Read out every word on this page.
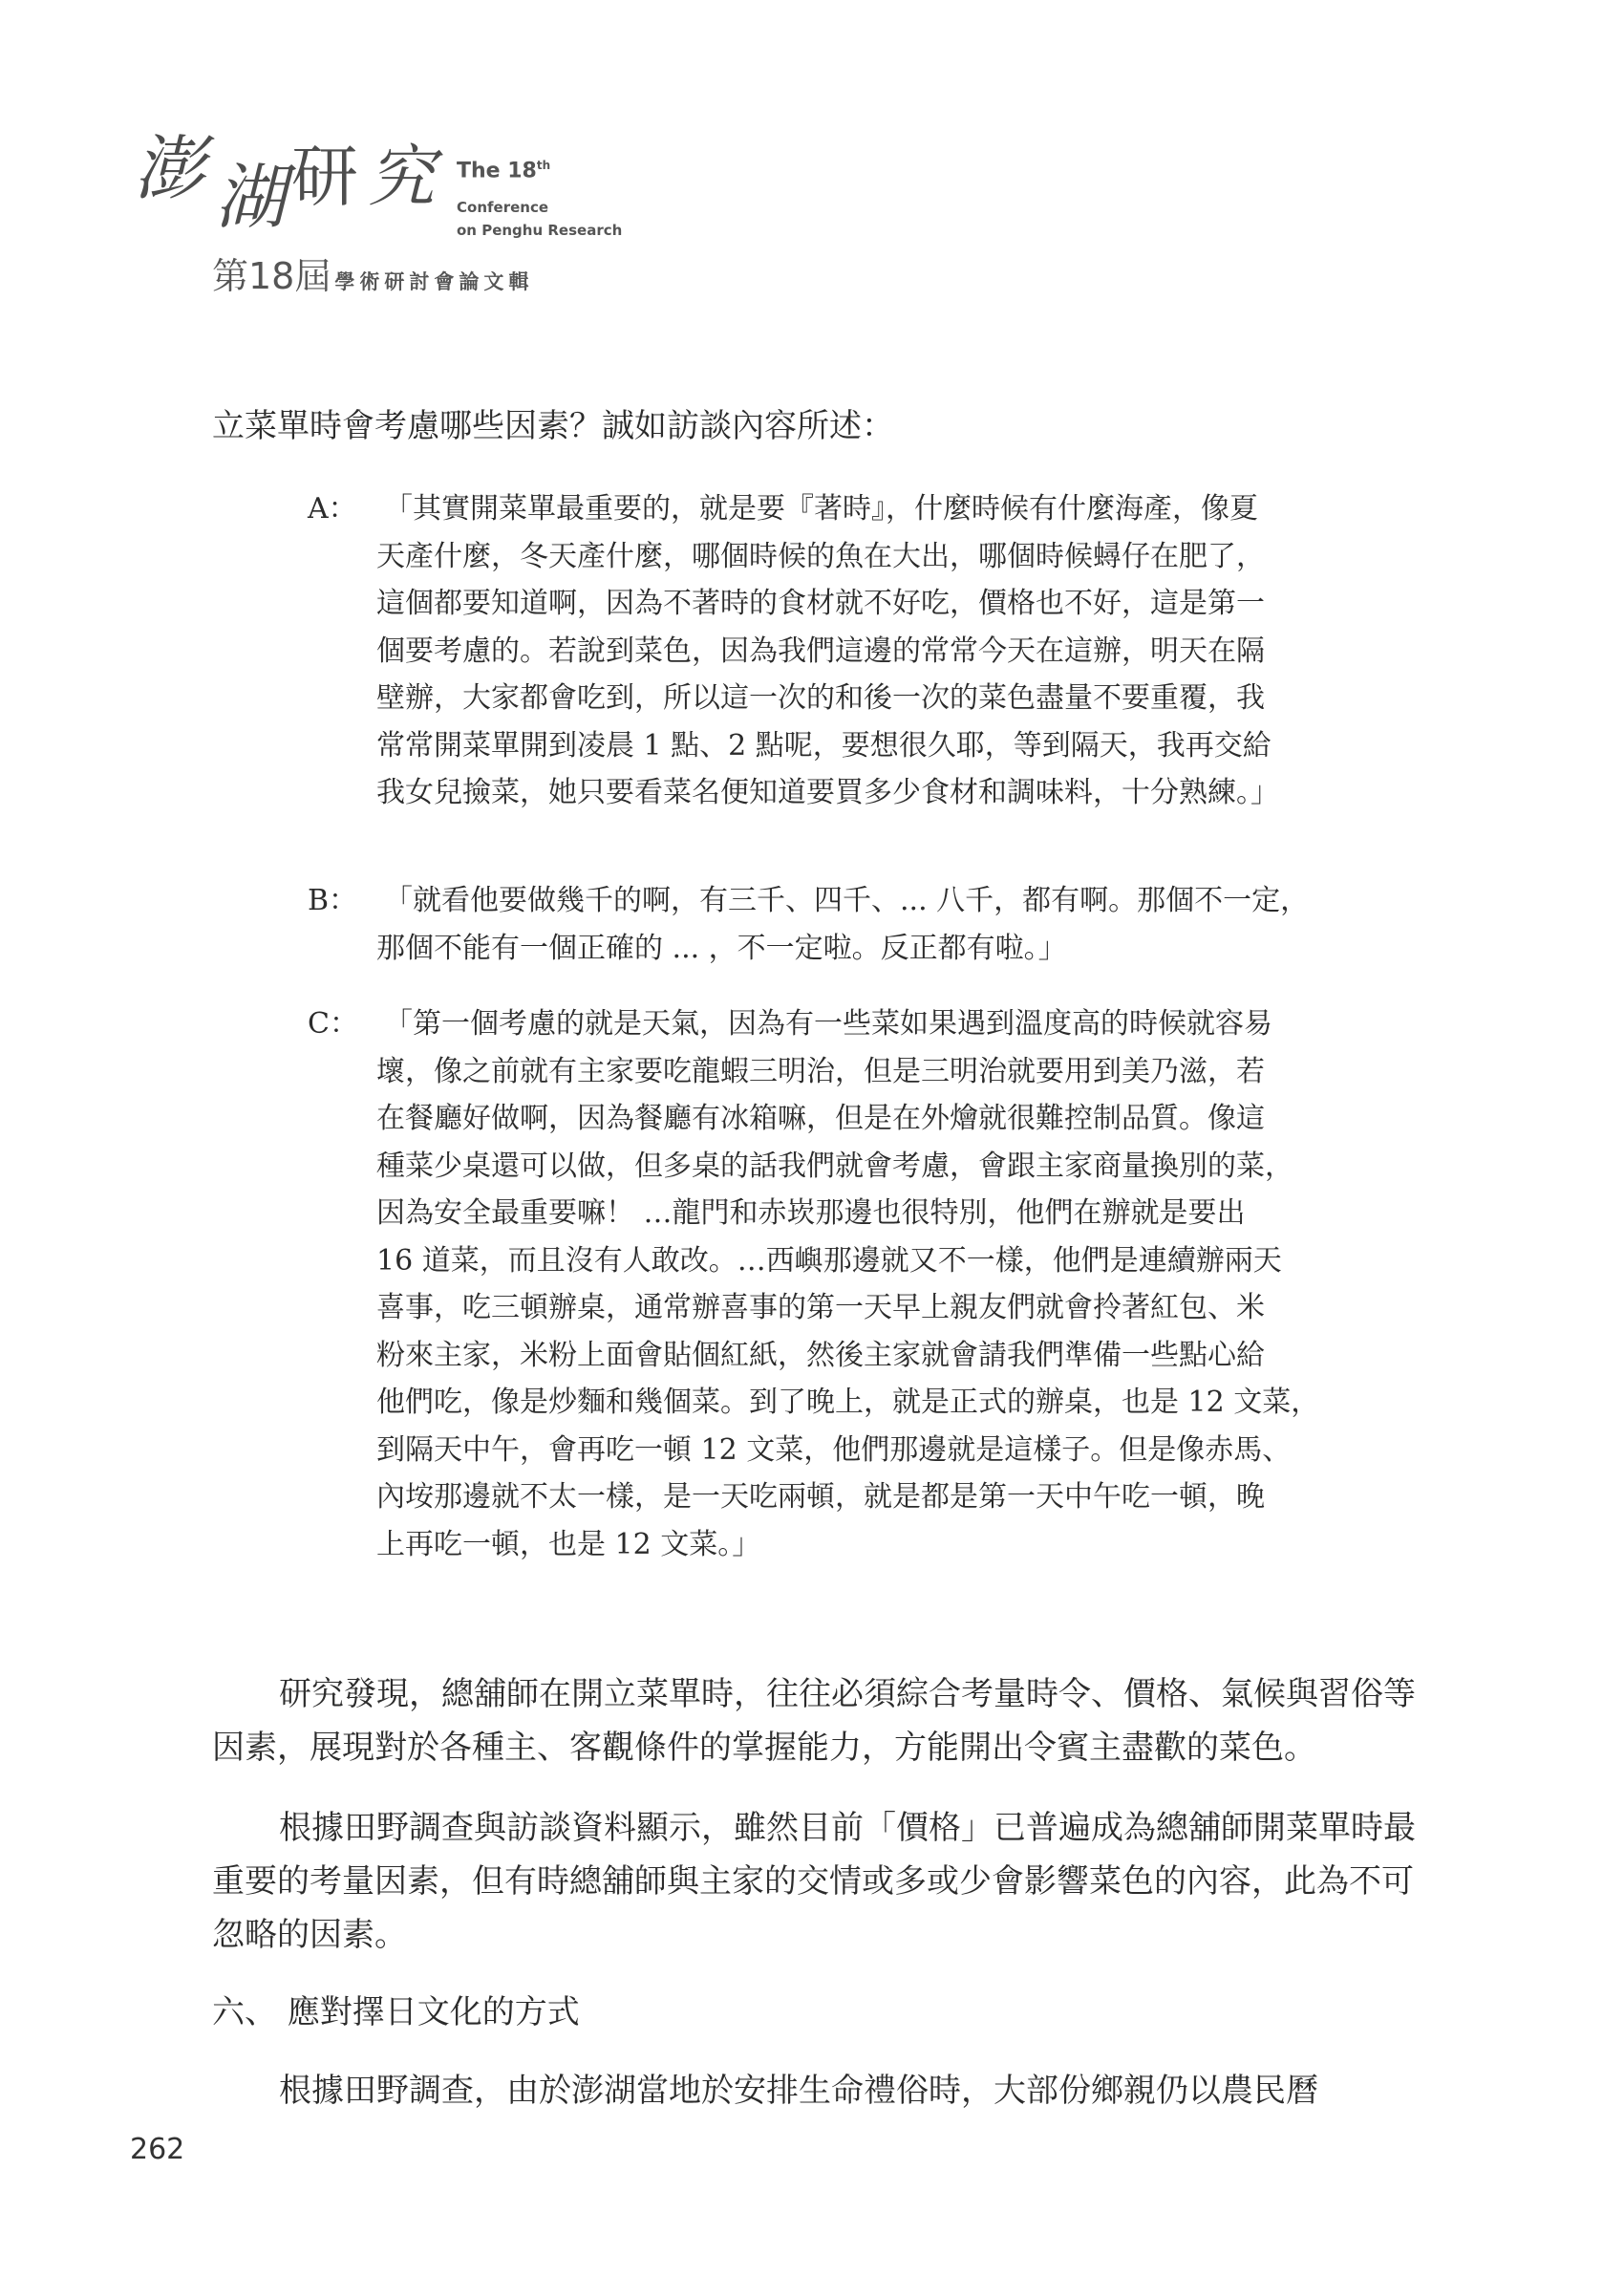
澎 湖 研 究 The 18th
Conference
on Penghu Research
第18屆 學術研討會論文輯
立菜單時會考慮哪些因素？誠如訪談內容所述：
A： 「其實開菜單最重要的，就是要『著時』，什麼時候有什麼海產，像夏
天產什麼，冬天產什麼，哪個時候的魚在大出，哪個時候蟳仔在肥了，
這個都要知道啊，因為不著時的食材就不好吃，價格也不好，這是第一
個要考慮的。若說到菜色，因為我們這邊的常常今天在這辦，明天在隔
壁辦，大家都會吃到，所以這一次的和後一次的菜色盡量不要重覆，我
常常開菜單開到凌晨 1 點、2 點呢，要想很久耶，等到隔天，我再交給
我女兒撿菜，她只要看菜名便知道要買多少食材和調味料，十分熟練。」
B： 「就看他要做幾千的啊，有三千、四千、... 八千，都有啊。那個不一定，
那個不能有一個正確的 ... ，不一定啦。反正都有啦。」
C： 「第一個考慮的就是天氣，因為有一些菜如果遇到溫度高的時候就容易
壞，像之前就有主家要吃龍蝦三明治，但是三明治就要用到美乃滋，若
在餐廳好做啊，因為餐廳有冰箱嘛，但是在外燴就很難控制品質。像這
種菜少桌還可以做，但多桌的話我們就會考慮，會跟主家商量換別的菜，
因為安全最重要嘛！ …龍門和赤崁那邊也很特別，他們在辦就是要出
16 道菜，而且沒有人敢改。…西嶼那邊就又不一樣，他們是連續辦兩天
喜事，吃三頓辦桌，通常辦喜事的第一天早上親友們就會拎著紅包、米
粉來主家，米粉上面會貼個紅紙，然後主家就會請我們準備一些點心給
他們吃，像是炒麵和幾個菜。到了晚上，就是正式的辦桌，也是 12 文菜，
到隔天中午，會再吃一頓 12 文菜，他們那邊就是這樣子。但是像赤馬、
內垵那邊就不太一樣，是一天吃兩頓，就是都是第一天中午吃一頓，晚
上再吃一頓，也是 12 文菜。」
研究發現，總舖師在開立菜單時，往往必須綜合考量時令、價格、氣候與習俗等
因素，展現對於各種主、客觀條件的掌握能力，方能開出令賓主盡歡的菜色。
根據田野調查與訪談資料顯示，雖然目前「價格」已普遍成為總舖師開菜單時最
重要的考量因素，但有時總舖師與主家的交情或多或少會影響菜色的內容，此為不可
忽略的因素。
六、 應對擇日文化的方式
根據田野調查，由於澎湖當地於安排生命禮俗時，大部份鄉親仍以農民曆
262
